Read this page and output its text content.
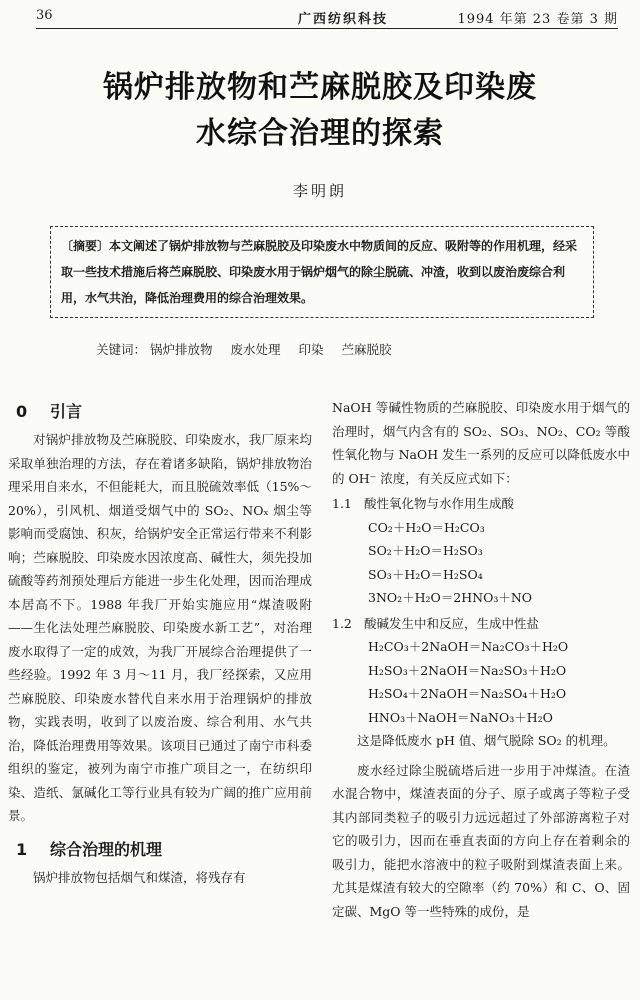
36	广西纺织科技	1994 年第 23 卷第 3 期
锅炉排放物和苎麻脱胶及印染废
水综合治理的探索
李明朗
〔摘要〕本文阐述了锅炉排放物与苎麻脱胶及印染废水中物质间的反应、吸附等的作用机理，经采取一些技术措施后将苎麻脱胶、印染废水用于锅炉烟气的除尘脱硫、冲渣，收到以废治废综合利用，水气共治，降低治理费用的综合治理效果。
关键词： 锅炉排放物 废水处理 印染 苎麻脱胶
0 引言
对锅炉排放物及苎麻脱胶、印染废水，我厂原来均采取单独治理的方法，存在着诸多缺陷，锅炉排放物治理采用自来水，不但能耗大，而且脱硫效率低（15%～20%），引风机、烟道受烟气中的 SO₂、NOₓ 烟尘等影响而受腐蚀、积灰，给锅炉安全正常运行带来不利影响；苎麻脱胶、印染废水因浓度高、碱性大，须先投加硫酸等药剂预处理后方能进一步生化处理，因而治理成本居高不下。1988 年我厂开始实施应用“煤渣吸附——生化法处理苎麻脱胶、印染废水新工艺”，对治理废水取得了一定的成效，为我厂开展综合治理提供了一些经验。1992 年 3 月～11 月，我厂经探索，又应用苎麻脱胶、印染废水替代自来水用于治理锅炉的排放物，实践表明，收到了以废治废、综合利用、水气共治，降低治理费用等效果。该项目已通过了南宁市科委组织的鉴定，被列为南宁市推广项目之一，在纺织印染、造纸、氯碱化工等行业具有较为广阔的推广应用前景。
1 综合治理的机理
锅炉排放物包括烟气和煤渣，将残存有
NaOH 等碱性物质的苎麻脱胶、印染废水用于烟气的治理时，烟气内含有的 SO₂、SO₃、NO₂、CO₂ 等酸性氧化物与 NaOH 发生一系列的反应可以降低废水中的 OH⁻ 浓度，有关反应式如下：
1.1 酸性氧化物与水作用生成酸
CO₂＋H₂O＝H₂CO₃
SO₂＋H₂O＝H₂SO₃
SO₃＋H₂O＝H₂SO₄
3NO₂＋H₂O＝2HNO₃＋NO
1.2 酸碱发生中和反应，生成中性盐
H₂CO₃＋2NaOH＝Na₂CO₃＋H₂O
H₂SO₃＋2NaOH＝Na₂SO₃＋H₂O
H₂SO₄＋2NaOH＝Na₂SO₄＋H₂O
HNO₃＋NaOH＝NaNO₃＋H₂O
这是降低废水 pH 值、烟气脱除 SO₂ 的机理。
废水经过除尘脱硫塔后进一步用于冲煤渣。在渣水混合物中，煤渣表面的分子、原子或离子等粒子受其内部同类粒子的吸引力远远超过了外部游离粒子对它的吸引力，因而在垂直表面的方向上存在着剩余的吸引力，能把水溶液中的粒子吸附到煤渣表面上来。尤其是煤渣有较大的空隙率（约 70%）和 C、O、固定碳、MgO 等一些特殊的成份，是
